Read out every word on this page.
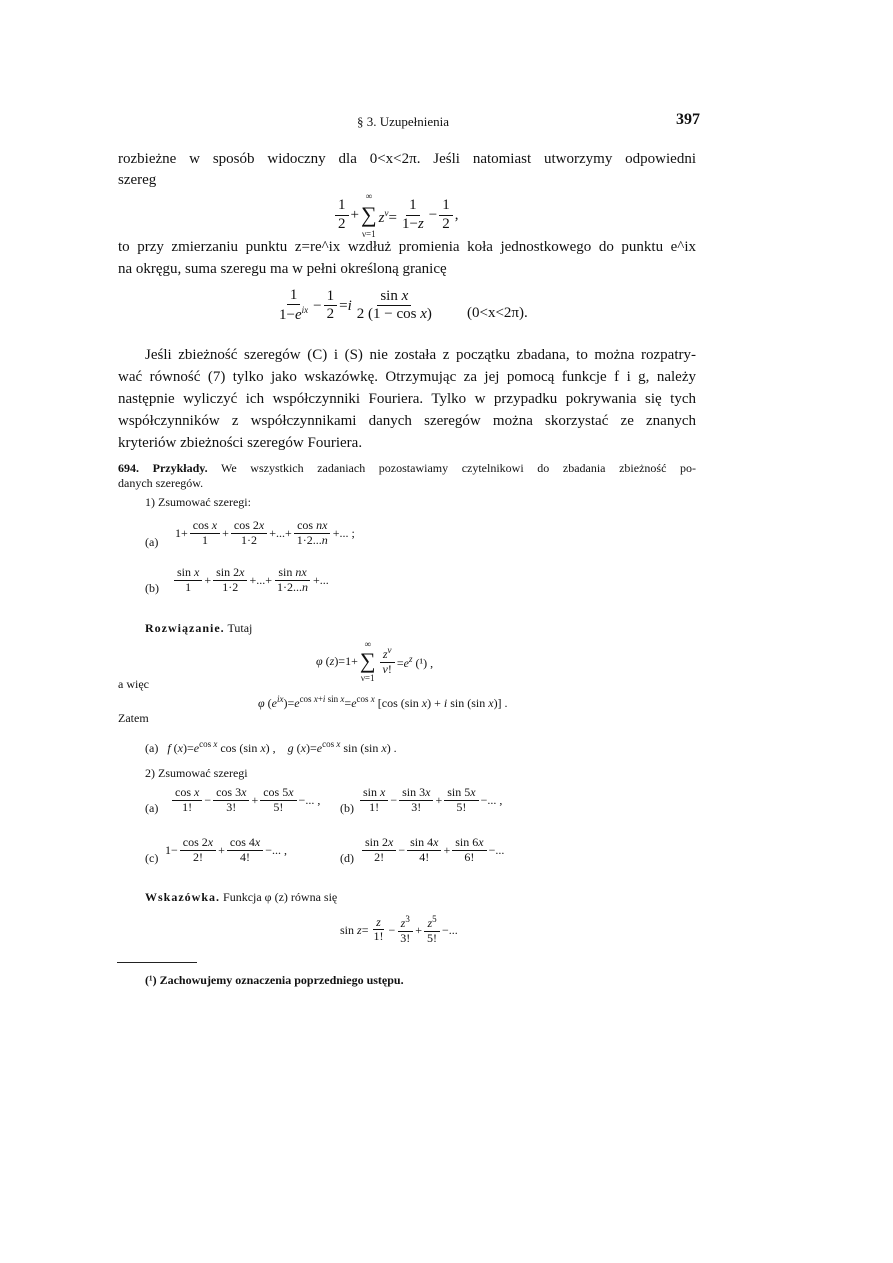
§ 3. Uzupełnienia	397
rozbieżne w sposób widoczny dla 0<x<2π. Jeśli natomiast utworzymy odpowiedni
szereg
$\frac{1}{2}$ +
∞
∑
ν=1
$z^\nu= \frac{1}{1-z} - \frac{1}{2}$ ,
to przy zmierzaniu punktu z=re^ix wzdłuż promienia koła jednostkowego do punktu e^ix
na okręgu, suma szeregu ma w pełni określoną granicę
$\frac{1}{1-e^{ix}} - \frac{1}{2} =i \frac{\text{sin x}}{\text{2 (1 − cos x)}} (0<x<2\pi)$.
Jeśli zbieżność szeregów (C) i (S) nie została z początku zbadana, to można rozpatry-
wać równość (7) tylko jako wskazówkę. Otrzymując za jej pomocą funkcje f i g, należy
następnie wyliczyć ich współczynniki Fouriera. Tylko w przypadku pokrywania się tych
współczynników z współczynnikami danych szeregów można skorzystać ze znanych
kryteriów zbieżności szeregów Fouriera.
694. Przykłady. We wszystkich zadaniach pozostawiamy czytelnikowi do zbadania zbieżność po-
danych szeregów.
1) Zsumować szeregi:
(a)
$1+ \frac{\text{cos x}}{1} + \frac{\cos 2x}{1\cdot 2}$ +...+ $\frac{\text{cos nx}}{1\cdot 2...n}$ +... ;
$(b) \frac{\text{sin x}}{1} + \frac{\sin 2x}{1\cdot 2}$ +...+ $\frac{\text{sin nx}}{1\cdot 2...n}$ +...
Rozwiązanie. Tutaj
φ (z)=1+
∞
∑
ν=1
$\frac{z^\nu}{\nu!} =e^z$ (¹) ,
a więc
φ $(e^{ix})=e^{cos x+i sin x}=e^{cos x}$ [cos (sin x) + i sin (sin x)] .
Zatem
(a)   f $(x)=e^{cos x}$ cos (sin x) ,    g $(x)=e^{cos x}$ sin (sin x) .
2) Zsumować szeregi
$(a) \frac{\text{cos x}}{1!} - \frac{\cos 3x}{3!} + \frac{\cos 5x}{5!}$ −... ,
$(b) \frac{\text{sin x}}{1!} - \frac{\sin 3x}{3!} + \frac{\sin 5x}{5!}$ −... ,
(c)
$1- \frac{\cos 2x}{2!} + \frac{\cos 4x}{4!}$ −... ,
$(d) \frac{\sin 2x}{2!} - \frac{\sin 4x}{4!} + \frac{\sin 6x}{6!}$ −...
Wskazówka. Funkcja φ (z) równa się
$\sin z= \frac{z}{1!} - \frac{z^3}{3!} + \frac{z^5}{5!}$ −...
(¹) Zachowujemy oznaczenia poprzedniego ustępu.
